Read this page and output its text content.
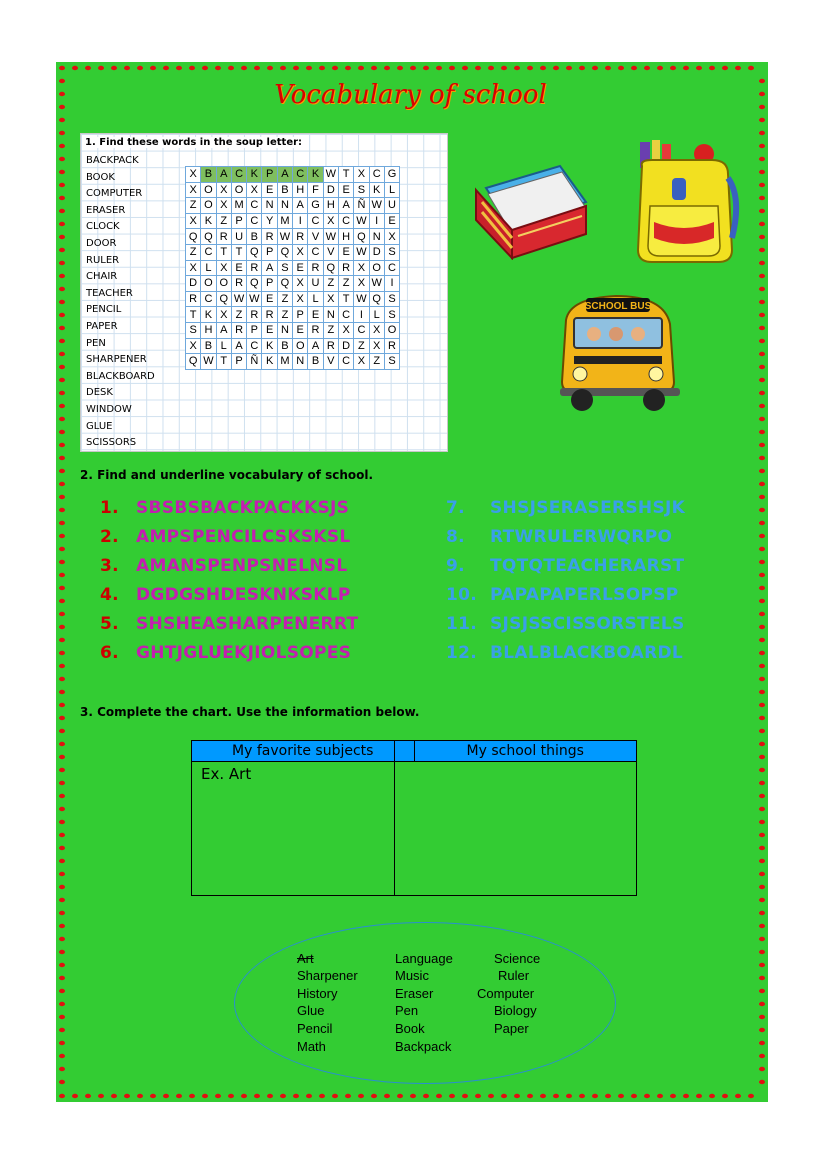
Vocabulary of school
1. Find these words in the soup letter:
BACKPACK
BOOK
COMPUTER
ERASER
CLOCK
DOOR
RULER
CHAIR
TEACHER
PENCIL
PAPER
PEN
SHARPENER
BLACKBOARD
DESK
WINDOW
GLUE
SCISSORS
X	B	A	C	K	P	A	C	K	W	T	X	C	G
X	O	X	O	X	E	B	H	F	D	E	S	K	L
Z	O	X	M	C	N	N	A	G	H	A	Ñ	W	U
X	K	Z	P	C	Y	M	I	C	X	C	W	I	E
Q	Q	R	U	B	R	W	R	V	W	H	Q	N	X
Z	C	T	T	Q	P	Q	X	C	V	E	W	D	S
X	L	X	E	R	A	S	E	R	Q	R	X	O	C
D	O	O	R	Q	P	Q	X	U	Z	Z	X	W	I
R	C	Q	W	W	E	Z	X	L	X	T	W	Q	S
T	K	X	Z	R	R	Z	P	E	N	C	I	L	S
S	H	A	R	P	E	N	E	R	Z	X	C	X	O
X	B	L	A	C	K	B	O	A	R	D	Z	X	R
Q	W	T	P	Ñ	K	M	N	B	V	C	X	Z	S
SCHOOL BUS
2. Find and underline vocabulary of school.
1. SBSBSBACKPACKKSJS
2. AMPSPENCILCSKSKSL
3. AMANSPENPSNELNSL
4. DGDGSHDESKNKSKLP
5. SHSHEASHARPENERRT
6. GHTJGLUEKJIOLSOPES
7. SHSJSERASERSHSJK
8. RTWRULERWQRPO
9. TQTQTEACHERARST
10. PAPAPAPERLSOPSP
11. SJSJSSCISSORSTELS
12. BLALBLACKBOARDL
3. Complete the chart. Use the information below.
My favorite subjects	My school things
Ex. Art
Art
Sharpener
History
Glue
Pencil
Math
Language
Music
Eraser
Pen
Book
Backpack
Science
Ruler
Computer
Biology
Paper
